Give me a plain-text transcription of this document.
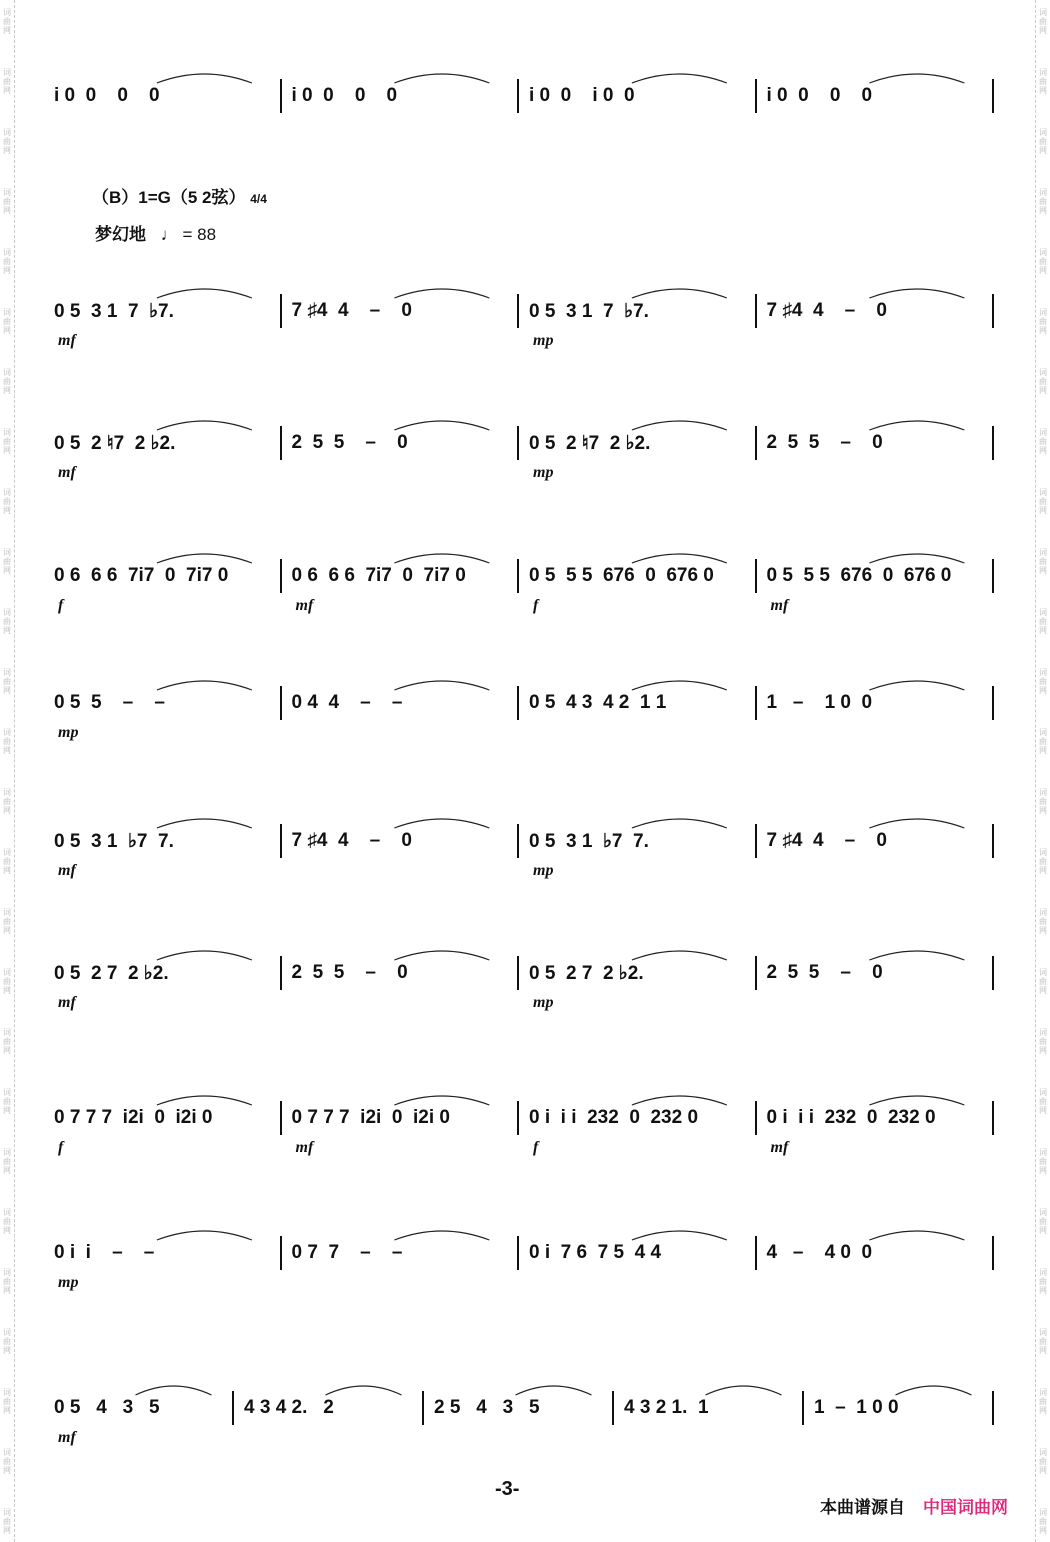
（B）1=G（5 2弦） 4/4
梦幻地 ♩ = 88
i 0  0    0    0	i 0  0    0    0	i 0  0    i 0  0	i 0  0    0    0
mf	mp
0 5  3 1  7  ♭7.	7 ♯4  4    –    0	0 5  3 1  7  ♭7.	7 ♯4  4    –    0
mf	mp
0 5  2 ♮7  2 ♭2.	2  5  5    –    0	0 5  2 ♮7  2 ♭2.	2  5  5    –    0
f	mf	f	mf
0 6  6 6  7i7  0  7i7 0	0 6  6 6  7i7  0  7i7 0	0 5  5 5  676  0  676 0	0 5  5 5  676  0  676 0
mp
0 5  5    –    –	0 4  4    –    –	0 5  4 3  4 2  1 1	1   –    1 0  0
mf	mp
0 5  3 1  ♭7  7.	7 ♯4  4    –    0	0 5  3 1  ♭7  7.	7 ♯4  4    –    0
mf	mp
0 5  2 7  2 ♭2.	2  5  5    –    0	0 5  2 7  2 ♭2.	2  5  5    –    0
f	mf	f	mf
0 7 7 7  i2i  0  i2i 0	0 7 7 7  i2i  0  i2i 0	0 i  i i  232  0  232 0	0 i  i i  232  0  232 0
mp
0 i  i    –    –	0 7  7    –    –	0 i  7 6  7 5  4 4	4   –    4 0  0
mf
0 5   4   3   5	4 3 4 2.   2	2 5   4   3   5	4 3 2 1.  1	1  –  1 0 0
-3-
本曲谱源自 中国词曲网
词
曲
网
词
曲
网
词
曲
网
词
曲
网
词
曲
网
词
曲
网
词
曲
网
词
曲
网
词
曲
网
词
曲
网
词
曲
网
词
曲
网
词
曲
网
词
曲
网
词
曲
网
词
曲
网
词
曲
网
词
曲
网
词
曲
网
词
曲
网
词
曲
网
词
曲
网
词
曲
网
词
曲
网
词
曲
网
词
曲
网
词
曲
网
词
曲
网
词
曲
网
词
曲
网
词
曲
网
词
曲
网
词
曲
网
词
曲
网
词
曲
网
词
曲
网
词
曲
网
词
曲
网
词
曲
网
词
曲
网
词
曲
网
词
曲
网
词
曲
网
词
曲
网
词
曲
网
词
曲
网
词
曲
网
词
曲
网
词
曲
网
词
曲
网
词
曲
网
词
曲
网
